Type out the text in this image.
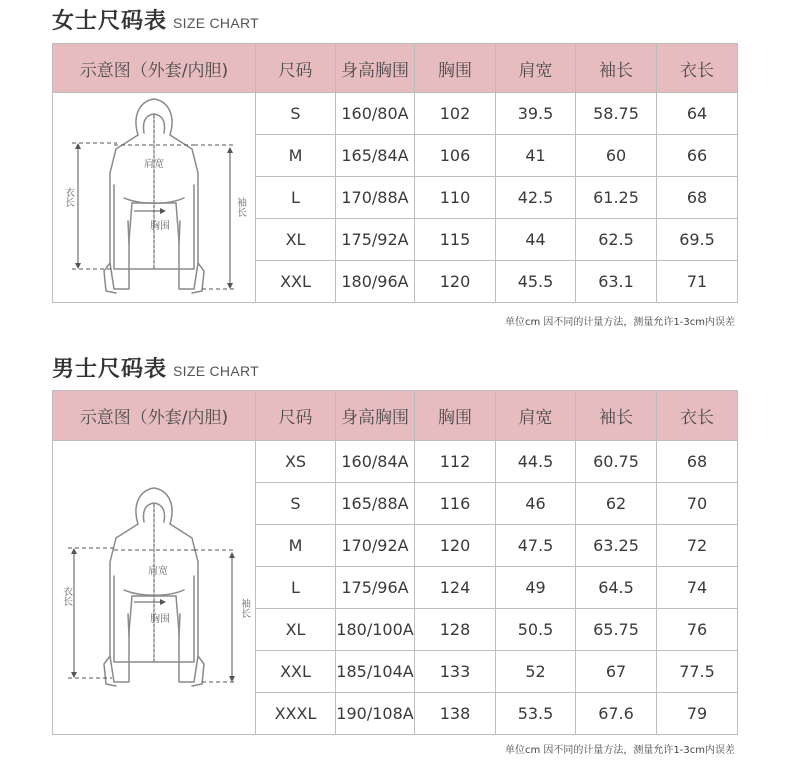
女士尺码表 SIZE CHART
示意图（外套/内胆)	尺码	身高胸围	胸围	肩宽	袖长	衣长

肩宽
胸围
衣长 袖长	S	160/80A	102	39.5	58.75	64
	M	165/84A	106	41	60	66
	L	170/88A	110	42.5	61.25	68
	XL	175/92A	115	44	62.5	69.5
	XXL	180/96A	120	45.5	63.1	71
单位cm 因不同的计量方法，测量允许1-3cm内误差
男士尺码表 SIZE CHART
示意图（外套/内胆)	尺码	身高胸围	胸围	肩宽	袖长	衣长

肩宽
胸围
衣长
袖长	XS	160/84A	112	44.5	60.75	68
	S	165/88A	116	46	62	70
	M	170/92A	120	47.5	63.25	72
	L	175/96A	124	49	64.5	74
	XL	180/100A	128	50.5	65.75	76
	XXL	185/104A	133	52	67	77.5
	XXXL	190/108A	138	53.5	67.6	79
单位cm 因不同的计量方法，测量允许1-3cm内误差
